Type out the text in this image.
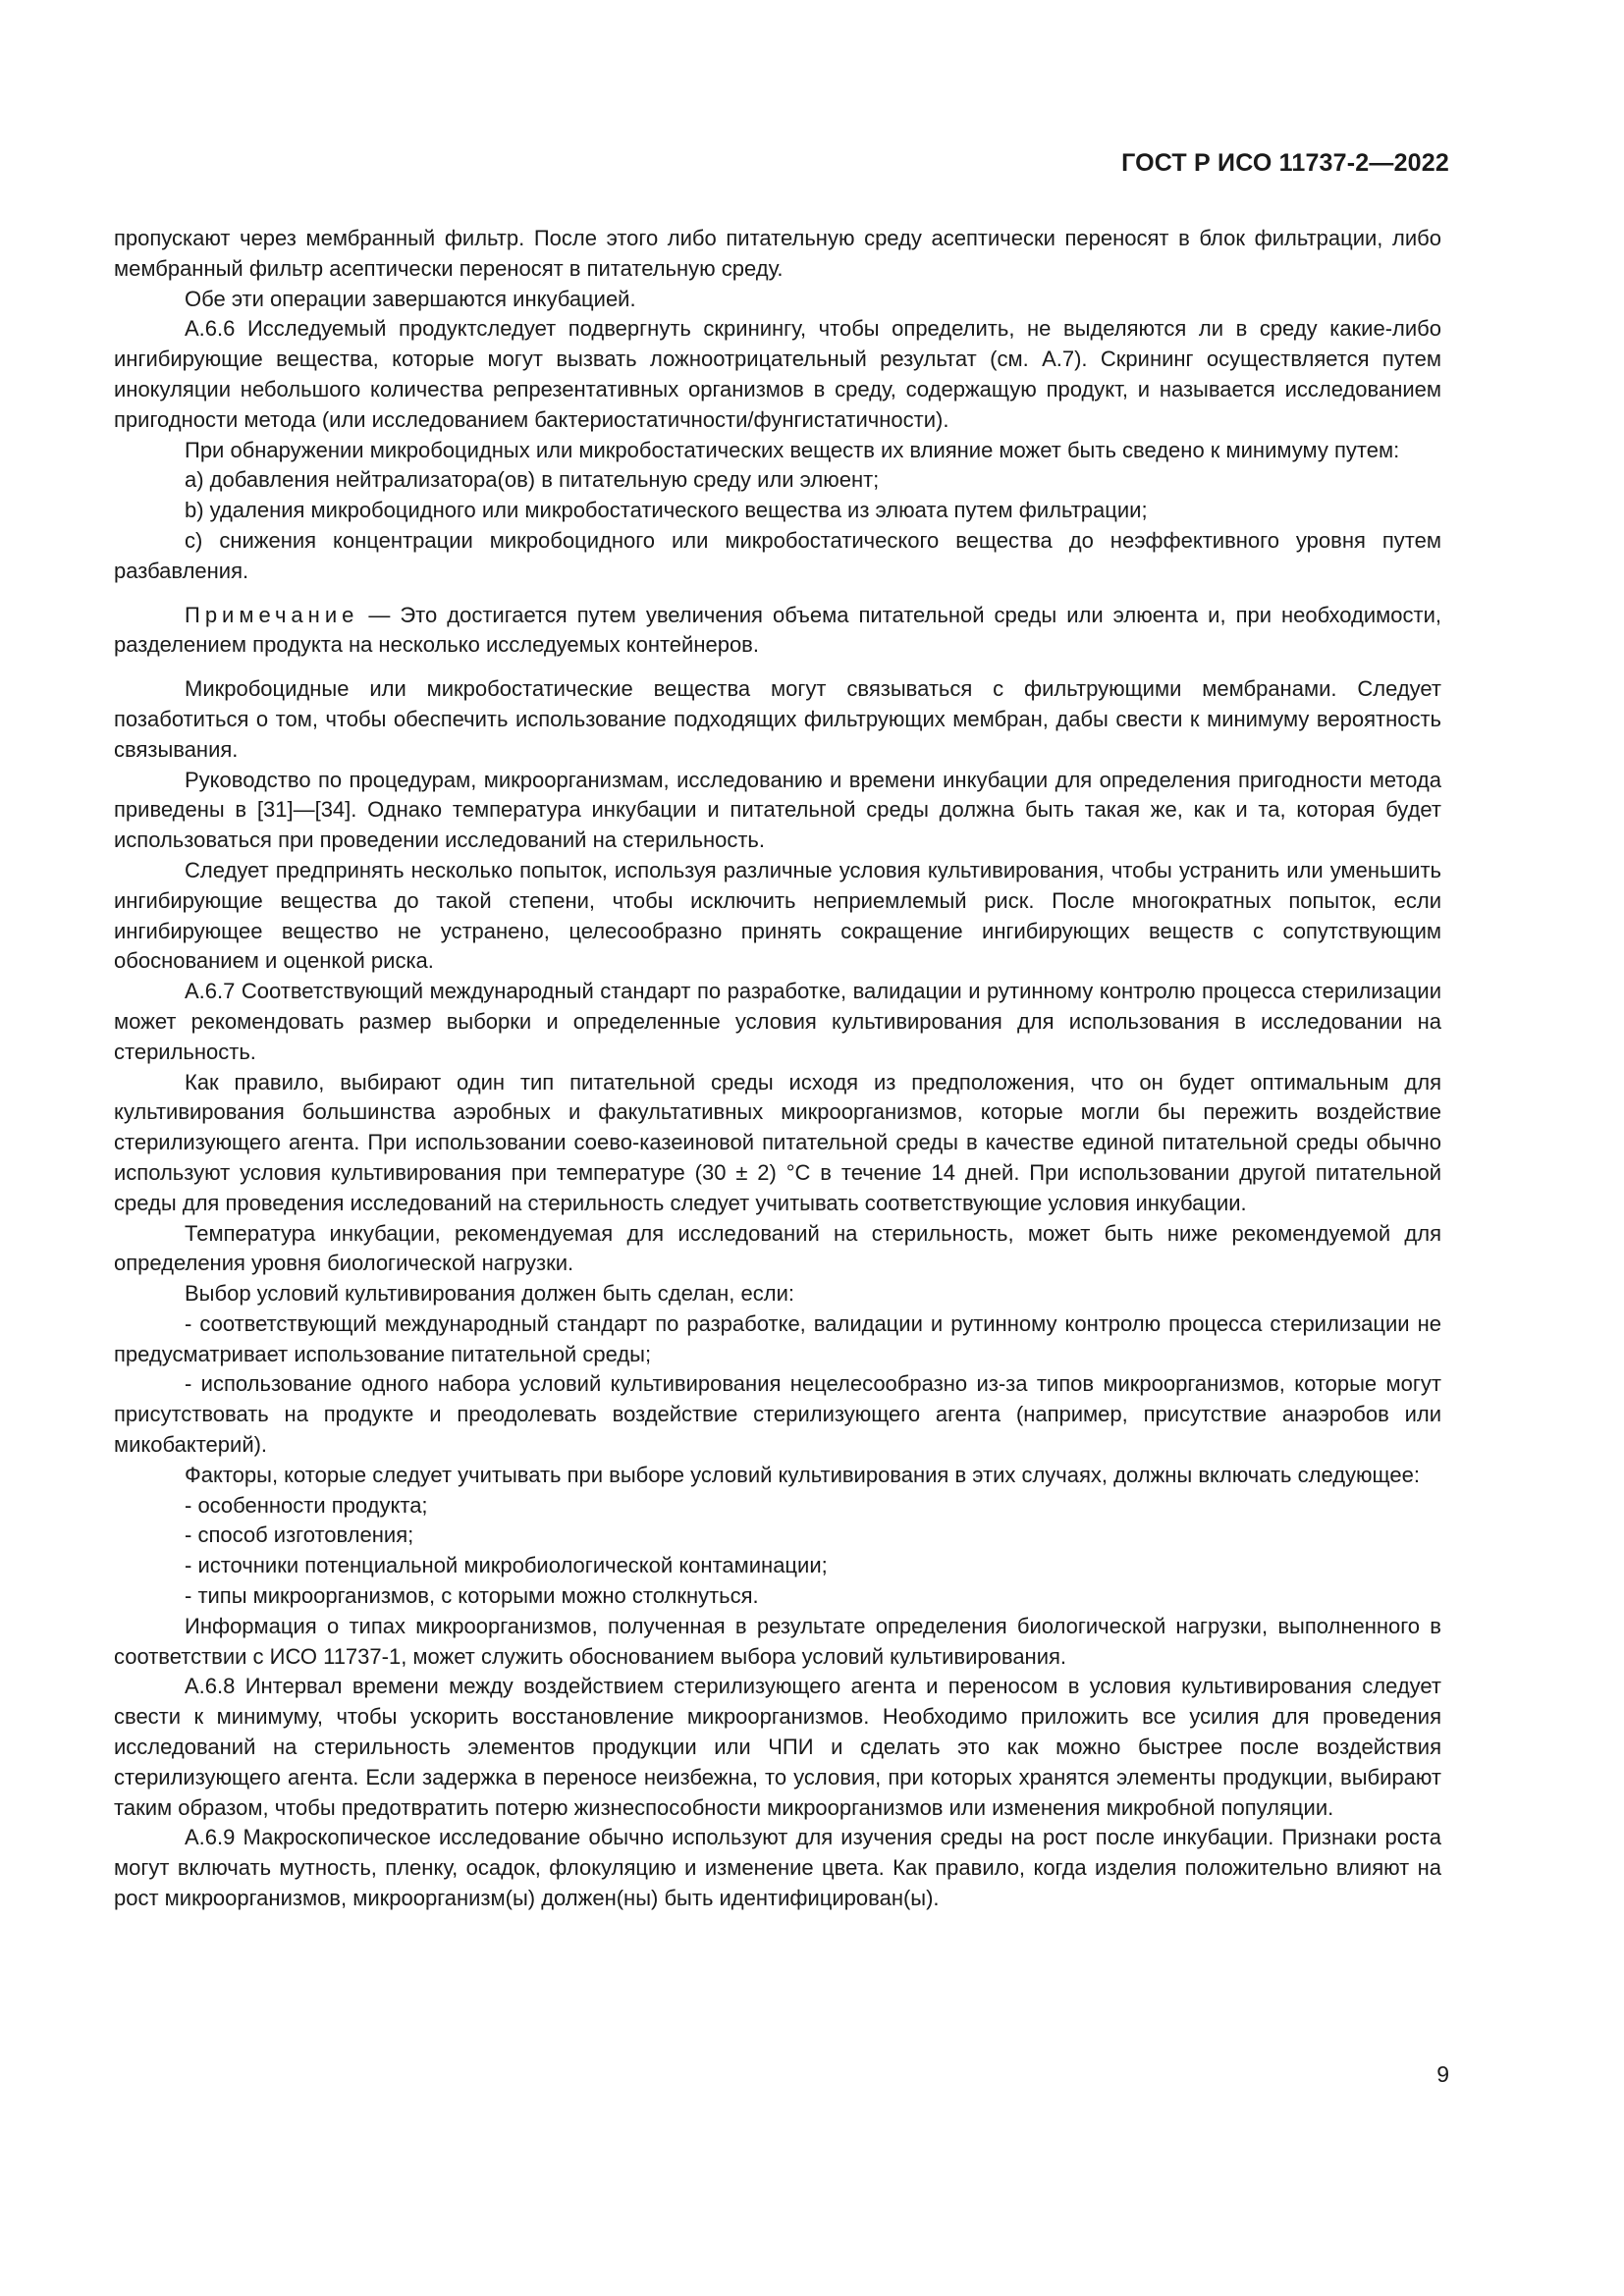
ГОСТ Р ИСО 11737-2—2022

пропускают через мембранный фильтр. После этого либо питательную среду асептически переносят в блок фильтрации, либо мембранный фильтр асептически переносят в питательную среду.

Обе эти операции завершаются инкубацией.

А.6.6 Исследуемый продуктследует подвергнуть скринингу, чтобы определить, не выделяются ли в среду какие-либо ингибирующие вещества, которые могут вызвать ложноотрицательный результат (см. А.7). Скрининг осуществляется путем инокуляции небольшого количества репрезентативных организмов в среду, содержащую продукт, и называется исследованием пригодности метода (или исследованием бактериостатичности/фунгистатичности).

При обнаружении микробоцидных или микробостатических веществ их влияние может быть сведено к минимуму путем:

a) добавления нейтрализатора(ов) в питательную среду или элюент;

b) удаления микробоцидного или микробостатического вещества из элюата путем фильтрации;

c) снижения концентрации микробоцидного или микробостатического вещества до неэффективного уровня путем разбавления.

Примечание — Это достигается путем увеличения объема питательной среды или элюента и, при необходимости, разделением продукта на несколько исследуемых контейнеров.

Микробоцидные или микробостатические вещества могут связываться с фильтрующими мембранами. Следует позаботиться о том, чтобы обеспечить использование подходящих фильтрующих мембран, дабы свести к минимуму вероятность связывания.

Руководство по процедурам, микроорганизмам, исследованию и времени инкубации для определения пригодности метода приведены в [31]—[34]. Однако температура инкубации и питательной среды должна быть такая же, как и та, которая будет использоваться при проведении исследований на стерильность.

Следует предпринять несколько попыток, используя различные условия культивирования, чтобы устранить или уменьшить ингибирующие вещества до такой степени, чтобы исключить неприемлемый риск. После многократных попыток, если ингибирующее вещество не устранено, целесообразно принять сокращение ингибирующих веществ с сопутствующим обоснованием и оценкой риска.

А.6.7 Соответствующий международный стандарт по разработке, валидации и рутинному контролю процесса стерилизации может рекомендовать размер выборки и определенные условия культивирования для использования в исследовании на стерильность.

Как правило, выбирают один тип питательной среды исходя из предположения, что он будет оптимальным для культивирования большинства аэробных и факультативных микроорганизмов, которые могли бы пережить воздействие стерилизующего агента. При использовании соево-казеиновой питательной среды в качестве единой питательной среды обычно используют условия культивирования при температуре (30 ± 2) °С в течение 14 дней. При использовании другой питательной среды для проведения исследований на стерильность следует учитывать соответствующие условия инкубации.

Температура инкубации, рекомендуемая для исследований на стерильность, может быть ниже рекомендуемой для определения уровня биологической нагрузки.

Выбор условий культивирования должен быть сделан, если:

- соответствующий международный стандарт по разработке, валидации и рутинному контролю процесса стерилизации не предусматривает использование питательной среды;

- использование одного набора условий культивирования нецелесообразно из-за типов микроорганизмов, которые могут присутствовать на продукте и преодолевать воздействие стерилизующего агента (например, присутствие анаэробов или микобактерий).

Факторы, которые следует учитывать при выборе условий культивирования в этих случаях, должны включать следующее:

- особенности продукта;

- способ изготовления;

- источники потенциальной микробиологической контаминации;

- типы микроорганизмов, с которыми можно столкнуться.

Информация о типах микроорганизмов, полученная в результате определения биологической нагрузки, выполненного в соответствии с ИСО 11737-1, может служить обоснованием выбора условий культивирования.

А.6.8 Интервал времени между воздействием стерилизующего агента и переносом в условия культивирования следует свести к минимуму, чтобы ускорить восстановление микроорганизмов. Необходимо приложить все усилия для проведения исследований на стерильность элементов продукции или ЧПИ и сделать это как можно быстрее после воздействия стерилизующего агента. Если задержка в переносе неизбежна, то условия, при которых хранятся элементы продукции, выбирают таким образом, чтобы предотвратить потерю жизнеспособности микроорганизмов или изменения микробной популяции.

А.6.9 Макроскопическое исследование обычно используют для изучения среды на рост после инкубации. Признаки роста могут включать мутность, пленку, осадок, флокуляцию и изменение цвета. Как правило, когда изделия положительно влияют на рост микроорганизмов, микроорганизм(ы) должен(ны) быть идентифицирован(ы).

9
